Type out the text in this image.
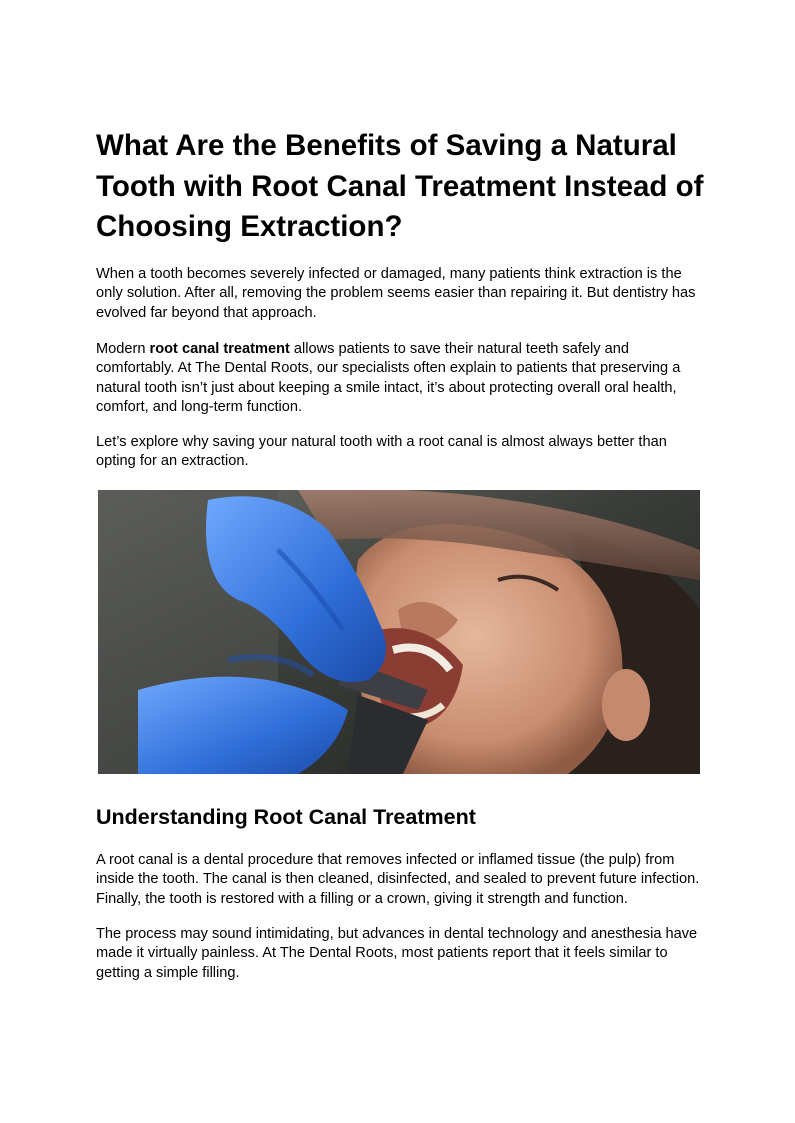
What Are the Benefits of Saving a Natural Tooth with Root Canal Treatment Instead of Choosing Extraction?

When a tooth becomes severely infected or damaged, many patients think extraction is the only solution. After all, removing the problem seems easier than repairing it. But dentistry has evolved far beyond that approach.

Modern root canal treatment allows patients to save their natural teeth safely and comfortably. At The Dental Roots, our specialists often explain to patients that preserving a natural tooth isn’t just about keeping a smile intact, it’s about protecting overall oral health, comfort, and long-term function.

Let’s explore why saving your natural tooth with a root canal is almost always better than opting for an extraction.

Understanding Root Canal Treatment

A root canal is a dental procedure that removes infected or inflamed tissue (the pulp) from inside the tooth. The canal is then cleaned, disinfected, and sealed to prevent future infection. Finally, the tooth is restored with a filling or a crown, giving it strength and function.

The process may sound intimidating, but advances in dental technology and anesthesia have made it virtually painless. At The Dental Roots, most patients report that it feels similar to getting a simple filling.
